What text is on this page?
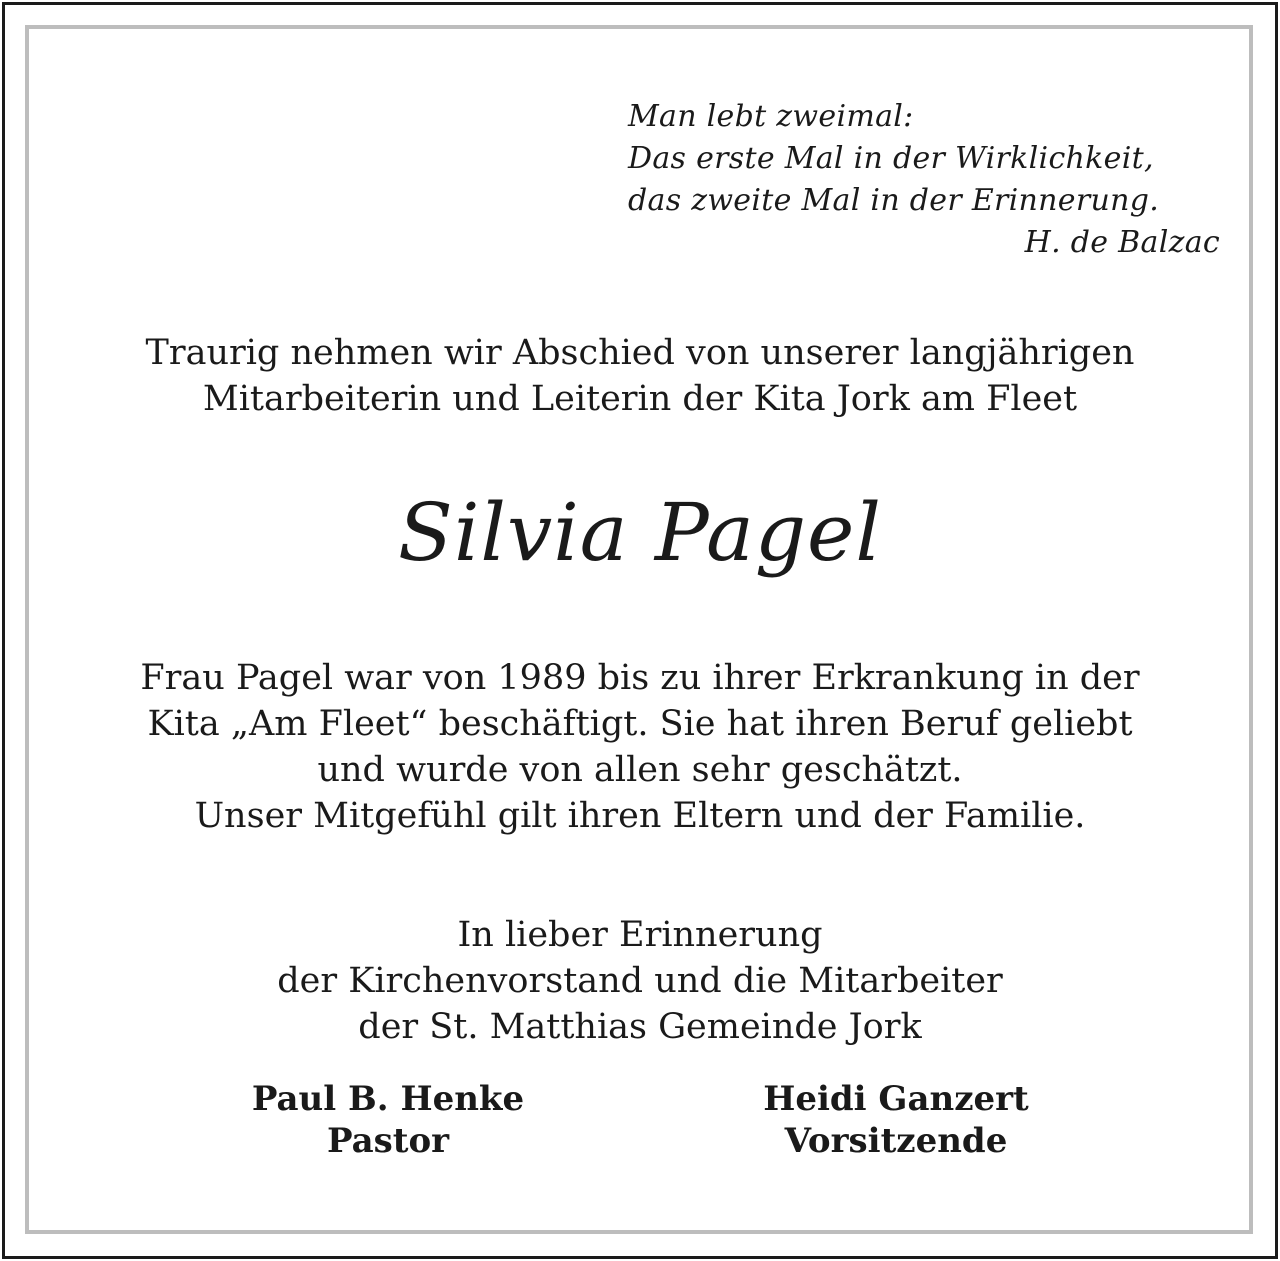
Man lebt zweimal:
Das erste Mal in der Wirklichkeit,
das zweite Mal in der Erinnerung.
H. de Balzac
Traurig nehmen wir Abschied von unserer langjährigen
Mitarbeiterin und Leiterin der Kita Jork am Fleet
Silvia Pagel
Frau Pagel war von 1989 bis zu ihrer Erkrankung in der
Kita „Am Fleet“ beschäftigt. Sie hat ihren Beruf geliebt
und wurde von allen sehr geschätzt.
Unser Mitgefühl gilt ihren Eltern und der Familie.
In lieber Erinnerung
der Kirchenvorstand und die Mitarbeiter
der St. Matthias Gemeinde Jork
Paul B. Henke
Pastor
Heidi Ganzert
Vorsitzende
